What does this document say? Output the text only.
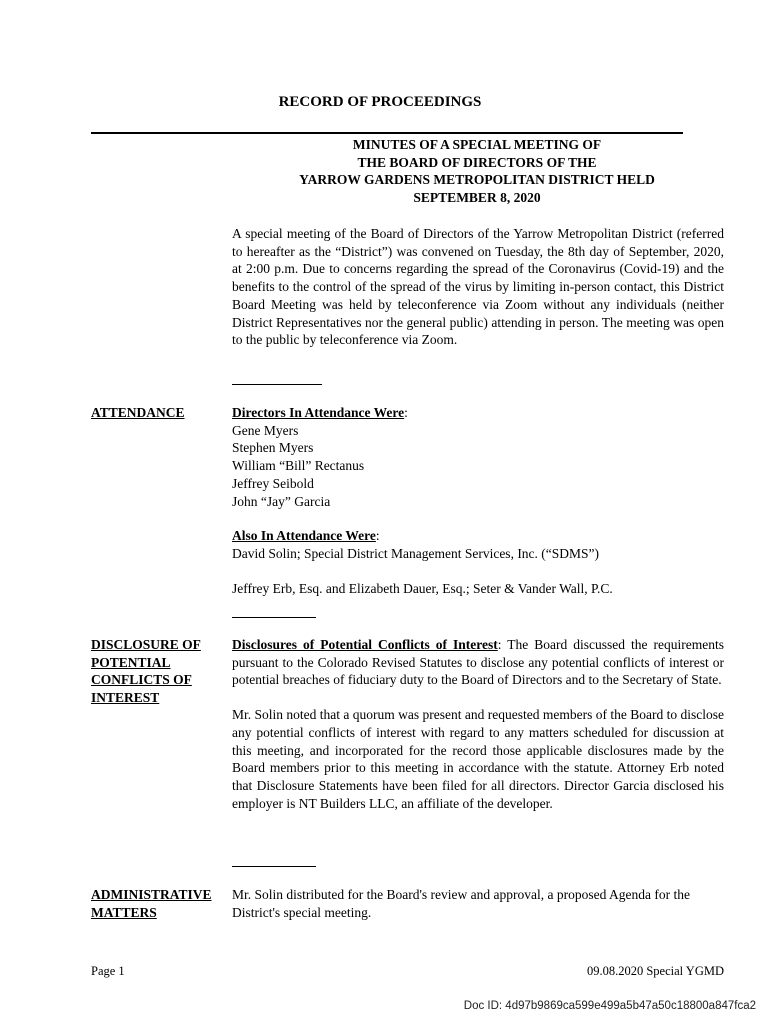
RECORD OF PROCEEDINGS
MINUTES OF A SPECIAL MEETING OF
THE BOARD OF DIRECTORS OF THE
YARROW GARDENS METROPOLITAN DISTRICT HELD
SEPTEMBER 8, 2020

A special meeting of the Board of Directors of the Yarrow Metropolitan District (referred to hereafter as the “District”) was convened on Tuesday, the 8th day of September, 2020, at 2:00 p.m. Due to concerns regarding the spread of the Coronavirus (Covid-19) and the benefits to the control of the spread of the virus by limiting in-person contact, this District Board Meeting was held by teleconference via Zoom without any individuals (neither District Representatives nor the general public) attending in person. The meeting was open to the public by teleconference via Zoom.

ATTENDANCE	Directors In Attendance Were:
Gene Myers
Stephen Myers
William “Bill” Rectanus
Jeffrey Seibold
John “Jay” Garcia
Also In Attendance Were:
David Solin; Special District Management Services, Inc. (“SDMS”)
Jeffrey Erb, Esq. and Elizabeth Dauer, Esq.; Seter & Vander Wall, P.C.
DISCLOSURE OF
POTENTIAL
CONFLICTS OF
INTEREST

Disclosures of Potential Conflicts of Interest: The Board discussed the requirements pursuant to the Colorado Revised Statutes to disclose any potential conflicts of interest or potential breaches of fiduciary duty to the Board of Directors and to the Secretary of State.

Mr. Solin noted that a quorum was present and requested members of the Board to disclose any potential conflicts of interest with regard to any matters scheduled for discussion at this meeting, and incorporated for the record those applicable disclosures made by the Board members prior to this meeting in accordance with the statute. Attorney Erb noted that Disclosure Statements have been filed for all directors. Director Garcia disclosed his employer is NT Builders LLC, an affiliate of the developer.

ADMINISTRATIVE
MATTERS

Mr. Solin distributed for the Board's review and approval, a proposed Agenda for the District's special meeting.

Page 1	09.08.2020 Special YGMD
Doc ID: 4d97b9869ca599e499a5b47a50c18800a847fca2
